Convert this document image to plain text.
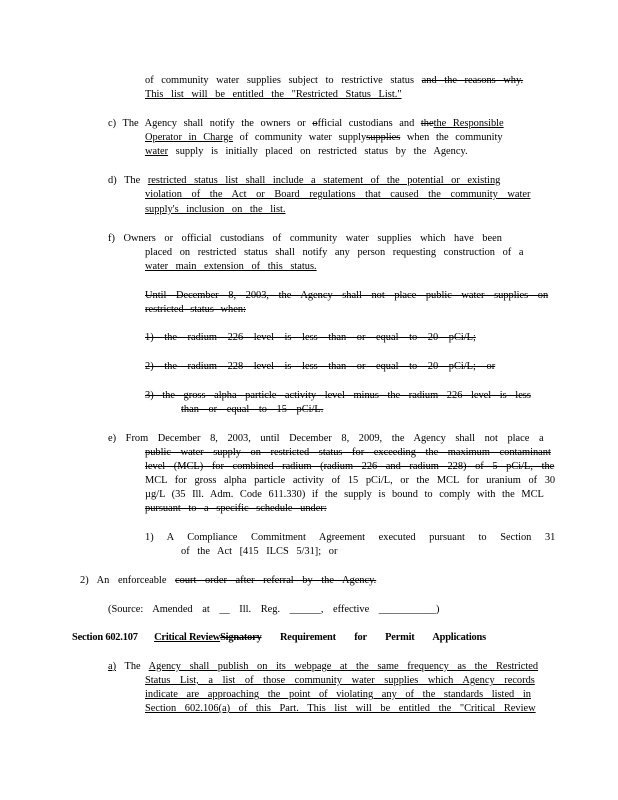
of community water supplies subject to restrictive status and the reasons why.
This list will be entitled the "Restricted Status List."
c) The Agency shall notify the owners or official custodians and thethe Responsible
Operator in Charge of community water supplysupplies when the community
water supply is initially placed on restricted status by the Agency.
d) The restricted status list shall include a statement of the potential or existing
violation of the Act or Board regulations that caused the community water
supply's inclusion on the list.
f) Owners or official custodians of community water supplies which have been
placed on restricted status shall notify any person requesting construction of a
water main extension of this status.
Until December 8, 2003, the Agency shall not place public water supplies on
restricted status when:
1) the radium 226 level is less than or equal to 20 pCi/L;
2) the radium 228 level is less than or equal to 20 pCi/L; or
3) the gross alpha particle activity level minus the radium 226 level is less
than or equal to 15 pCi/L.
e) From December 8, 2003, until December 8, 2009, the Agency shall not place a
public water supply on restricted status for exceeding the maximum contaminant
level (MCL) for combined radium (radium 226 and radium 228) of 5 pCi/L, the
MCL for gross alpha particle activity of 15 pCi/L, or the MCL for uranium of 30
µg/L (35 Ill. Adm. Code 611.330) if the supply is bound to comply with the MCL
pursuant to a specific schedule under:
1) A Compliance Commitment Agreement executed pursuant to Section 31
of the Act [415 ILCS 5/31]; or
2) An enforceable court order after referral by the Agency.
(Source: Amended at __ Ill. Reg. ______, effective ___________)
Section 602.107 Critical ReviewSignatory Requirement for Permit Applications
a) The Agency shall publish on its webpage at the same frequency as the Restricted
Status List, a list of those community water supplies which Agency records
indicate are approaching the point of violating any of the standards listed in
Section 602.106(a) of this Part. This list will be entitled the "Critical Review
